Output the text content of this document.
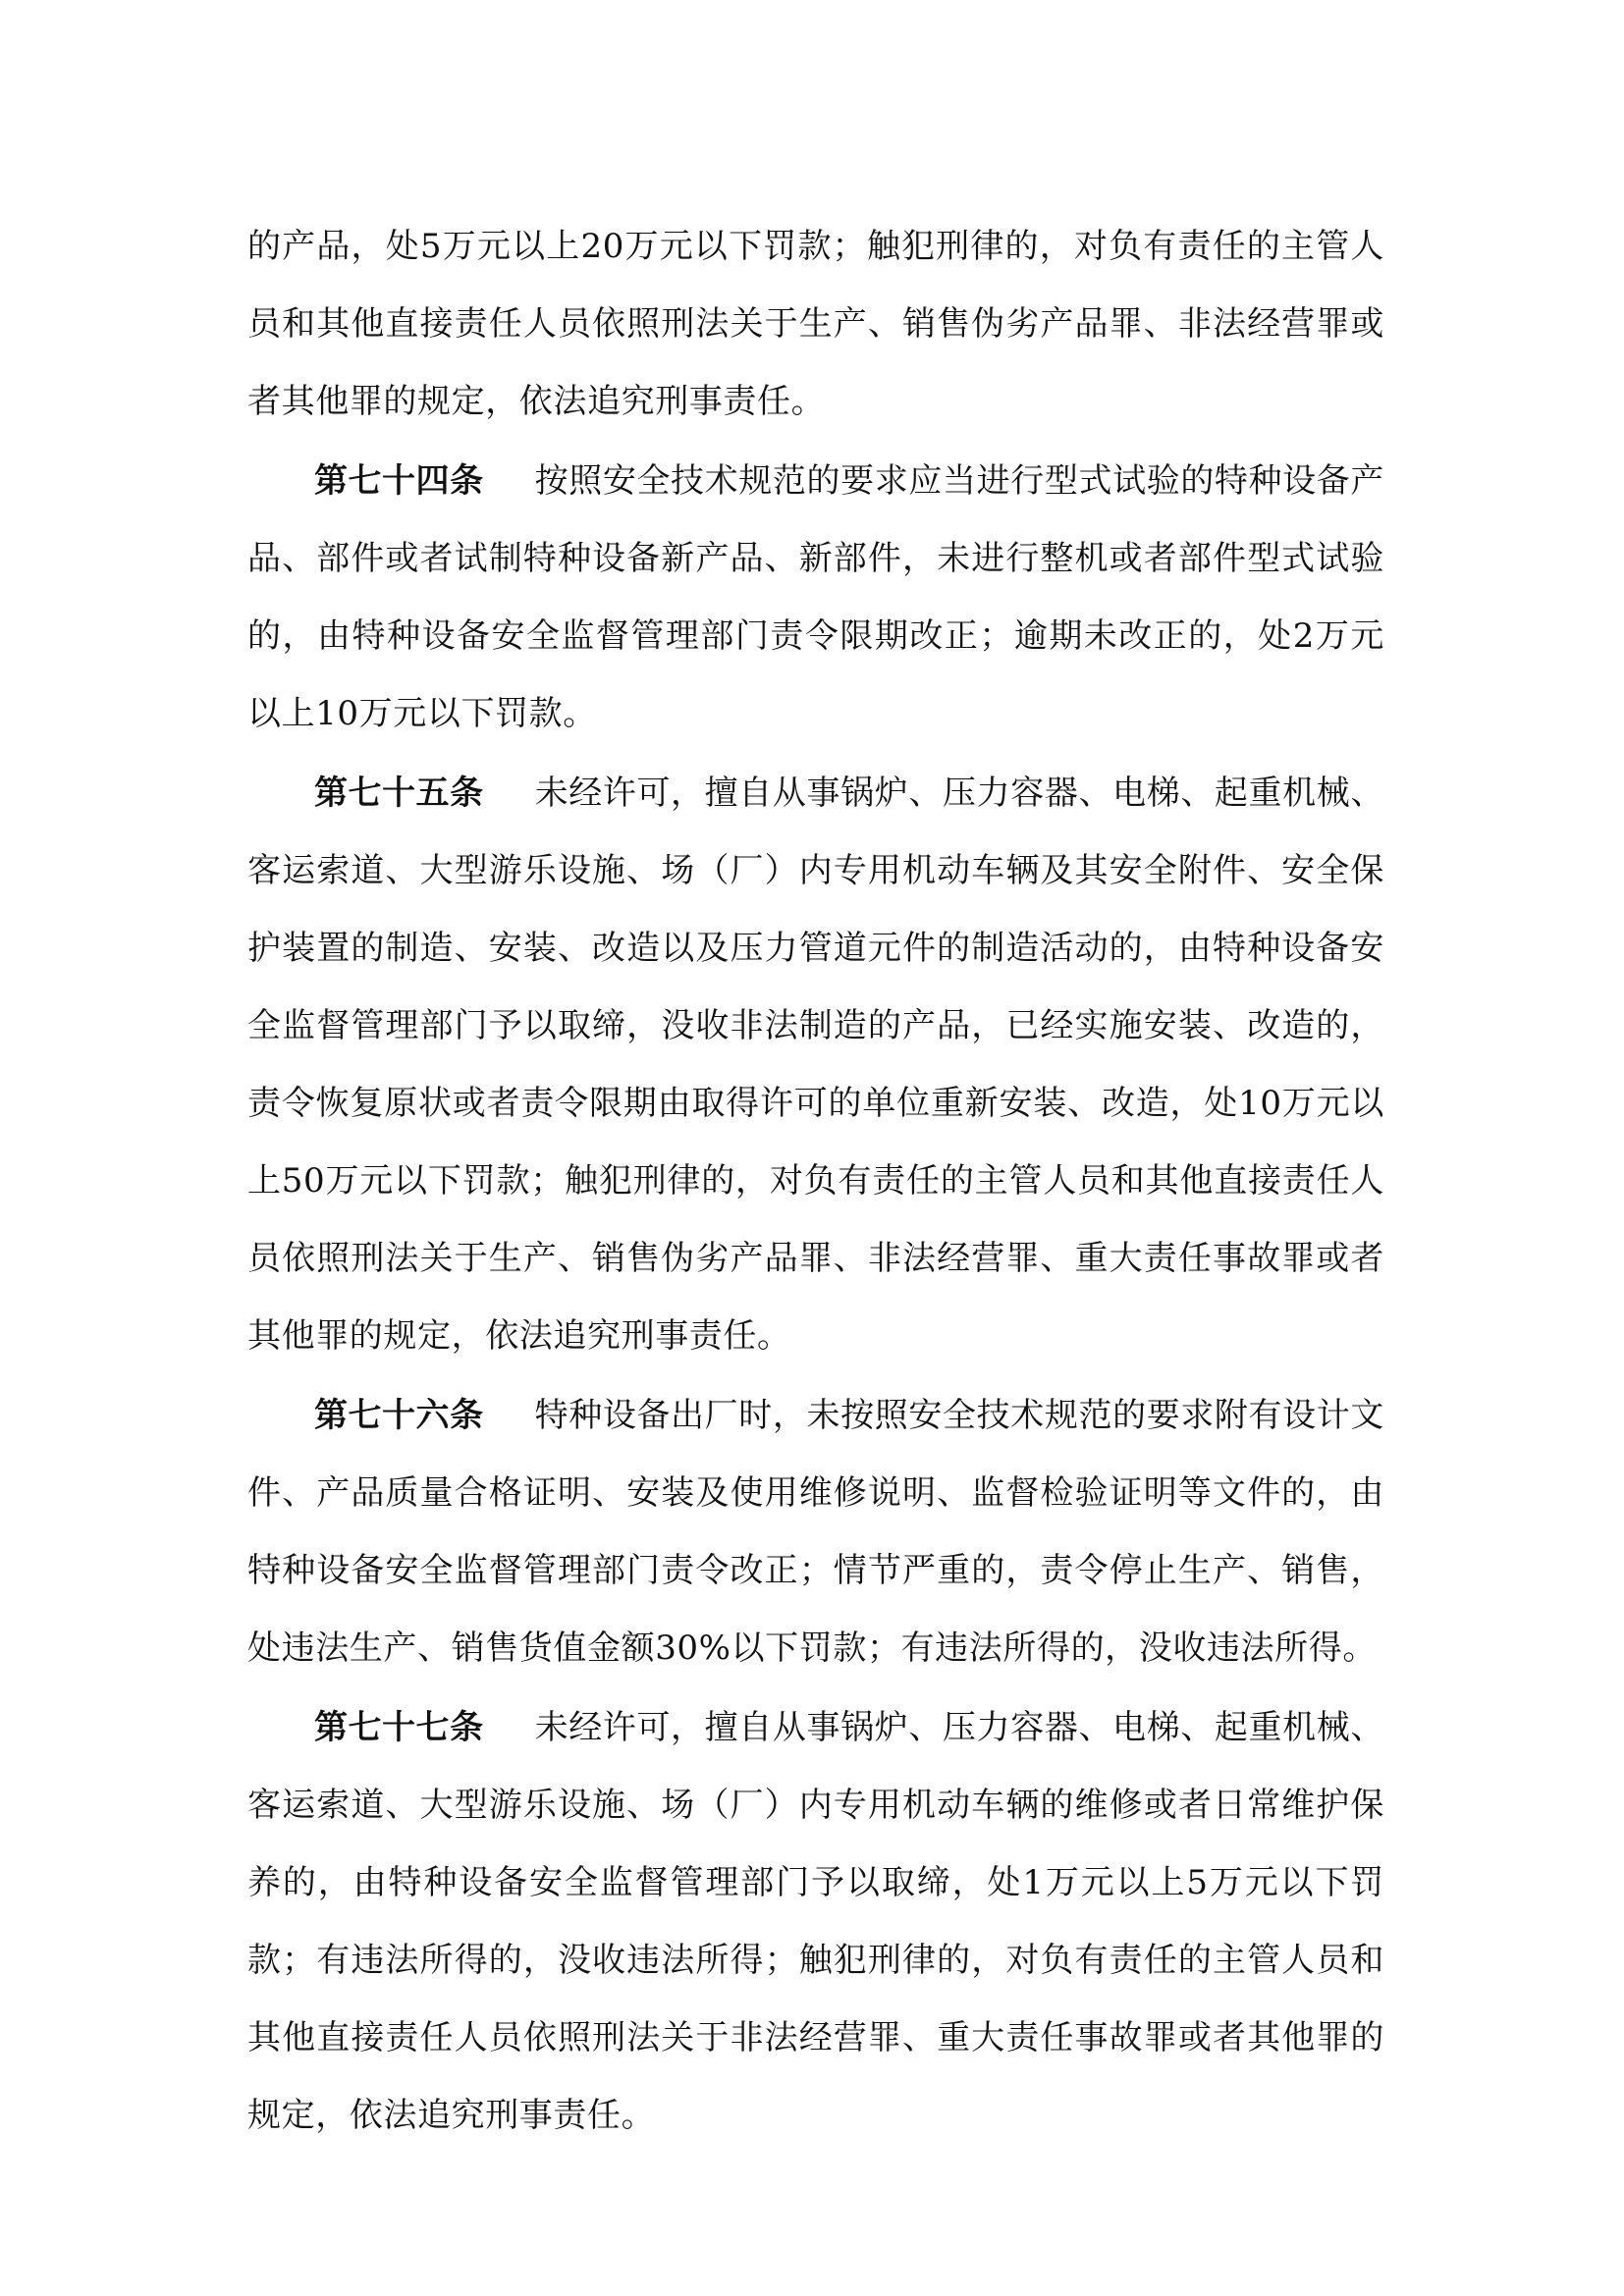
的产品，处5万元以上20万元以下罚款；触犯刑律的，对负有责任的主管人员和其他直接责任人员依照刑法关于生产、销售伪劣产品罪、非法经营罪或者其他罪的规定，依法追究刑事责任。

第七十四条 按照安全技术规范的要求应当进行型式试验的特种设备产品、部件或者试制特种设备新产品、新部件，未进行整机或者部件型式试验的，由特种设备安全监督管理部门责令限期改正；逾期未改正的，处2万元以上10万元以下罚款。

第七十五条 未经许可，擅自从事锅炉、压力容器、电梯、起重机械、客运索道、大型游乐设施、场（厂）内专用机动车辆及其安全附件、安全保护装置的制造、安装、改造以及压力管道元件的制造活动的，由特种设备安全监督管理部门予以取缔，没收非法制造的产品，已经实施安装、改造的，责令恢复原状或者责令限期由取得许可的单位重新安装、改造，处10万元以上50万元以下罚款；触犯刑律的，对负有责任的主管人员和其他直接责任人员依照刑法关于生产、销售伪劣产品罪、非法经营罪、重大责任事故罪或者其他罪的规定，依法追究刑事责任。

第七十六条 特种设备出厂时，未按照安全技术规范的要求附有设计文件、产品质量合格证明、安装及使用维修说明、监督检验证明等文件的，由特种设备安全监督管理部门责令改正；情节严重的，责令停止生产、销售，处违法生产、销售货值金额30%以下罚款；有违法所得的，没收违法所得。

第七十七条 未经许可，擅自从事锅炉、压力容器、电梯、起重机械、客运索道、大型游乐设施、场（厂）内专用机动车辆的维修或者日常维护保养的，由特种设备安全监督管理部门予以取缔，处1万元以上5万元以下罚款；有违法所得的，没收违法所得；触犯刑律的，对负有责任的主管人员和其他直接责任人员依照刑法关于非法经营罪、重大责任事故罪或者其他罪的规定，依法追究刑事责任。
